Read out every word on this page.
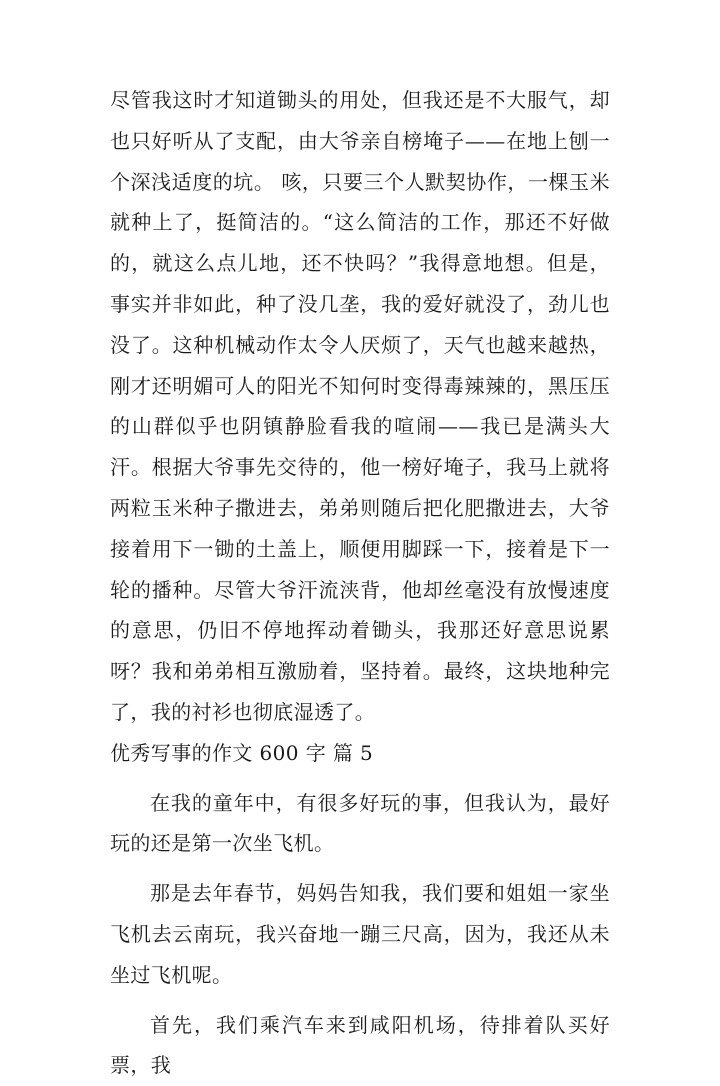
尽管我这时才知道锄头的用处，但我还是不大服气，却也只好听从了支配，由大爷亲自榜埯子——在地上刨一个深浅适度的坑。 咳，只要三个人默契协作，一棵玉米就种上了，挺简洁的。“这么简洁的工作，那还不好做的，就这么点儿地，还不快吗？”我得意地想。但是，事实并非如此，种了没几垄，我的爱好就没了，劲儿也没了。这种机械动作太令人厌烦了，天气也越来越热，刚才还明媚可人的阳光不知何时变得毒辣辣的，黑压压的山群似乎也阴镇静脸看我的喧闹——我已是满头大汗。根据大爷事先交待的，他一榜好埯子，我马上就将两粒玉米种子撒进去，弟弟则随后把化肥撒进去，大爷接着用下一锄的土盖上，顺便用脚踩一下，接着是下一轮的播种。尽管大爷汗流浃背，他却丝毫没有放慢速度的意思，仍旧不停地挥动着锄头，我那还好意思说累呀？我和弟弟相互激励着，坚持着。最终，这块地种完了，我的衬衫也彻底湿透了。

优秀写事的作文 600 字 篇 5

在我的童年中，有很多好玩的事，但我认为，最好玩的还是第一次坐飞机。

那是去年春节，妈妈告知我，我们要和姐姐一家坐飞机去云南玩，我兴奋地一蹦三尺高，因为，我还从未坐过飞机呢。

首先，我们乘汽车来到咸阳机场，待排着队买好票，我
